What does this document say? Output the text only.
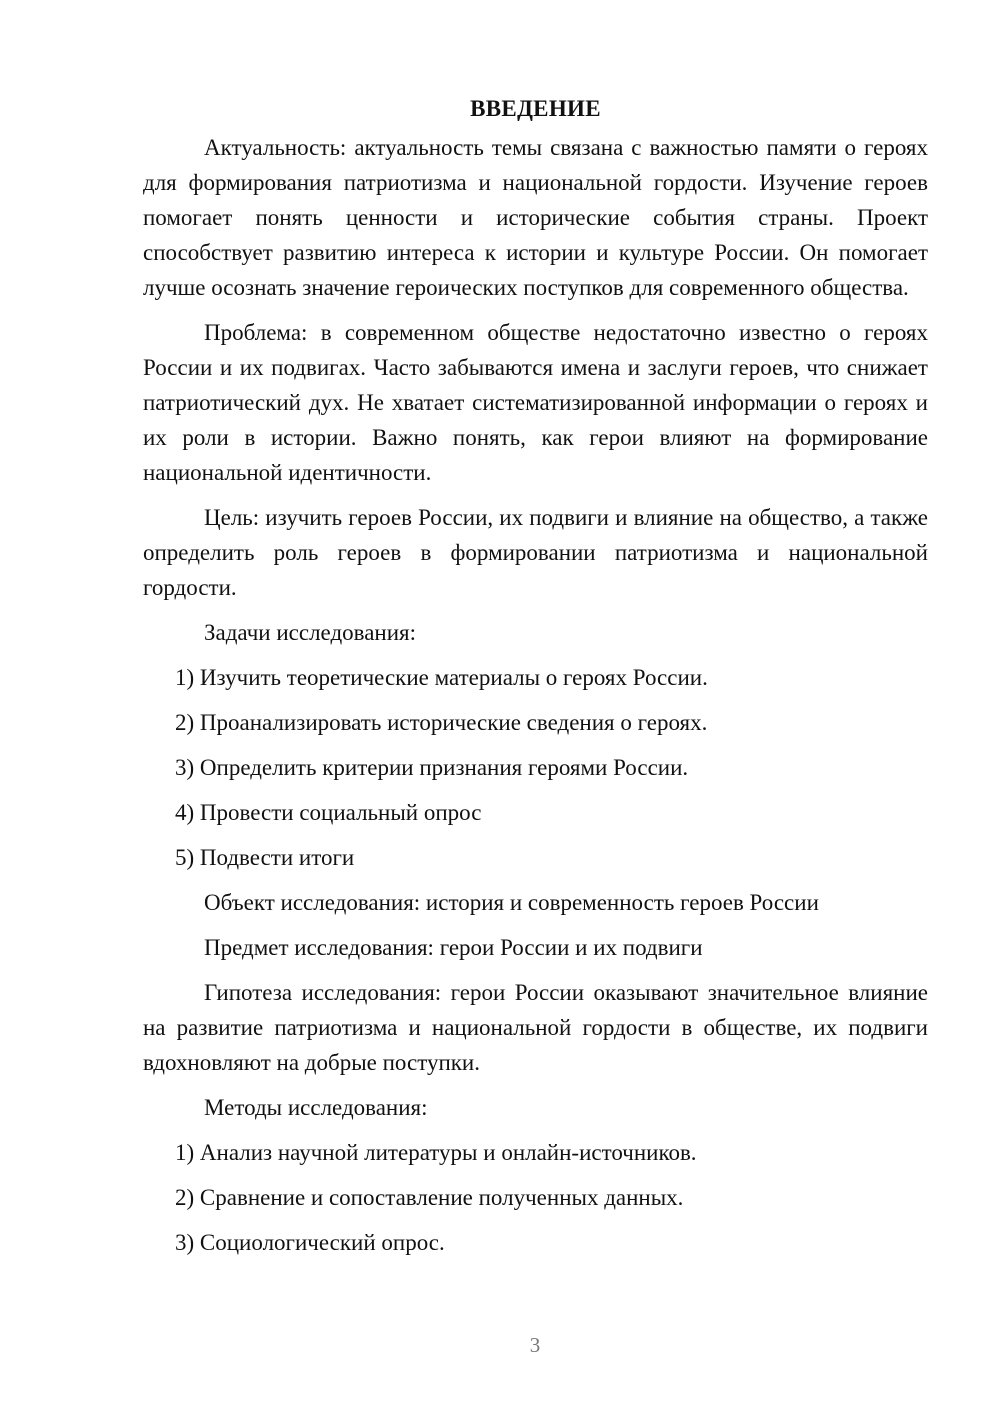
ВВЕДЕНИЕ

Актуальность: актуальность темы связана с важностью памяти о героях для формирования патриотизма и национальной гордости. Изучение героев помогает понять ценности и исторические события страны. Проект способствует развитию интереса к истории и культуре России. Он помогает лучше осознать значение героических поступков для современного общества.

Проблема: в современном обществе недостаточно известно о героях России и их подвигах. Часто забываются имена и заслуги героев, что снижает патриотический дух. Не хватает систематизированной информации о героях и их роли в истории. Важно понять, как герои влияют на формирование национальной идентичности.

Цель: изучить героев России, их подвиги и влияние на общество, а также определить роль героев в формировании патриотизма и национальной гордости.

Задачи исследования:
1) Изучить теоретические материалы о героях России.
2) Проанализировать исторические сведения о героях.
3) Определить критерии признания героями России.
4) Провести социальный опрос
5) Подвести итоги
Объект исследования: история и современность героев России
Предмет исследования: герои России и их подвиги

Гипотеза исследования: герои России оказывают значительное влияние на развитие патриотизма и национальной гордости в обществе, их подвиги вдохновляют на добрые поступки.

Методы исследования:
1) Анализ научной литературы и онлайн-источников.
2) Сравнение и сопоставление полученных данных.
3) Социологический опрос.
3
